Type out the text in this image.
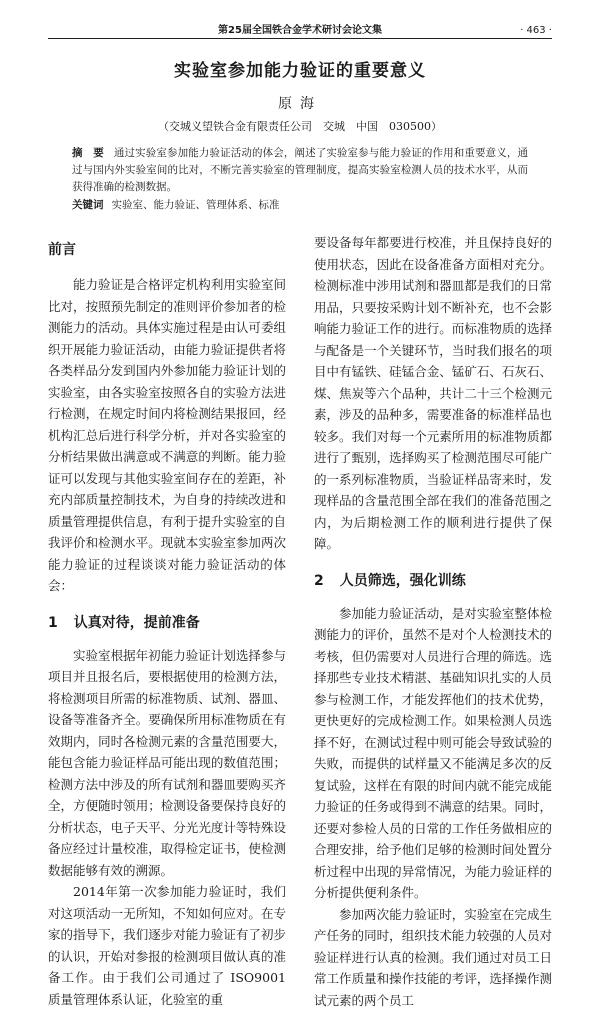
第25届全国铁合金学术研讨会论文集	· 463 ·
实验室参加能力验证的重要意义
原海
（交城义望铁合金有限责任公司　交城　中国　030500）
摘　要 通过实验室参加能力验证活动的体会，阐述了实验室参与能力验证的作用和重要意义，通过与国内外实验室间的比对，不断完善实验室的管理制度，提高实验室检测人员的技术水平，从而获得准确的检测数据。
关键词 实验室、能力验证、管理体系、标准
前言

能力验证是合格评定机构利用实验室间比对，按照预先制定的准则评价参加者的检测能力的活动。具体实施过程是由认可委组织开展能力验证活动，由能力验证提供者将各类样品分发到国内外参加能力验证计划的实验室，由各实验室按照各自的实验方法进行检测，在规定时间内将检测结果报回，经机构汇总后进行科学分析，并对各实验室的分析结果做出满意或不满意的判断。能力验证可以发现与其他实验室间存在的差距，补充内部质量控制技术，为自身的持续改进和质量管理提供信息，有利于提升实验室的自我评价和检测水平。现就本实验室参加两次能力验证的过程谈谈对能力验证活动的体会：

1 认真对待，提前准备

实验室根据年初能力验证计划选择参与项目并且报名后，要根据使用的检测方法，将检测项目所需的标准物质、试剂、器皿、设备等准备齐全。要确保所用标准物质在有效期内，同时各检测元素的含量范围要大，能包含能力验证样品可能出现的数值范围；检测方法中涉及的所有试剂和器皿要购买齐全，方便随时领用；检测设备要保持良好的分析状态，电子天平、分光光度计等特殊设备应经过计量校准，取得检定证书，使检测数据能够有效的溯源。

2014年第一次参加能力验证时，我们对这项活动一无所知，不知如何应对。在专家的指导下，我们逐步对能力验证有了初步的认识，开始对参报的检测项目做认真的准备工作。由于我们公司通过了 ISO9001 质量管理体系认证，化验室的重

要设备每年都要进行校准，并且保持良好的使用状态，因此在设备准备方面相对充分。检测标准中涉用试剂和器皿都是我们的日常用品，只要按采购计划不断补充，也不会影响能力验证工作的进行。而标准物质的选择与配备是一个关键环节，当时我们报名的项目中有锰铁、硅锰合金、锰矿石、石灰石、煤、焦炭等六个品种，共计二十三个检测元素，涉及的品种多，需要准备的标准样品也较多。我们对每一个元素所用的标准物质都进行了甄别，选择购买了检测范围尽可能广的一系列标准物质，当验证样品寄来时，发现样品的含量范围全部在我们的准备范围之内，为后期检测工作的顺利进行提供了保障。

2 人员筛选，强化训练

参加能力验证活动，是对实验室整体检测能力的评价，虽然不是对个人检测技术的考核，但仍需要对人员进行合理的筛选。选择那些专业技术精湛、基础知识扎实的人员参与检测工作，才能发挥他们的技术优势，更快更好的完成检测工作。如果检测人员选择不好，在测试过程中则可能会导致试验的失败，而提供的试样量又不能满足多次的反复试验，这样在有限的时间内就不能完成能力验证的任务或得到不满意的结果。同时，还要对参检人员的日常的工作任务做相应的合理安排，给予他们足够的检测时间处置分析过程中出现的异常情况，为能力验证样的分析提供便利条件。

参加两次能力验证时，实验室在完成生产任务的同时，组织技术能力较强的人员对验证样进行认真的检测。我们通过对员工日常工作质量和操作技能的考评，选择操作测试元素的两个员工
